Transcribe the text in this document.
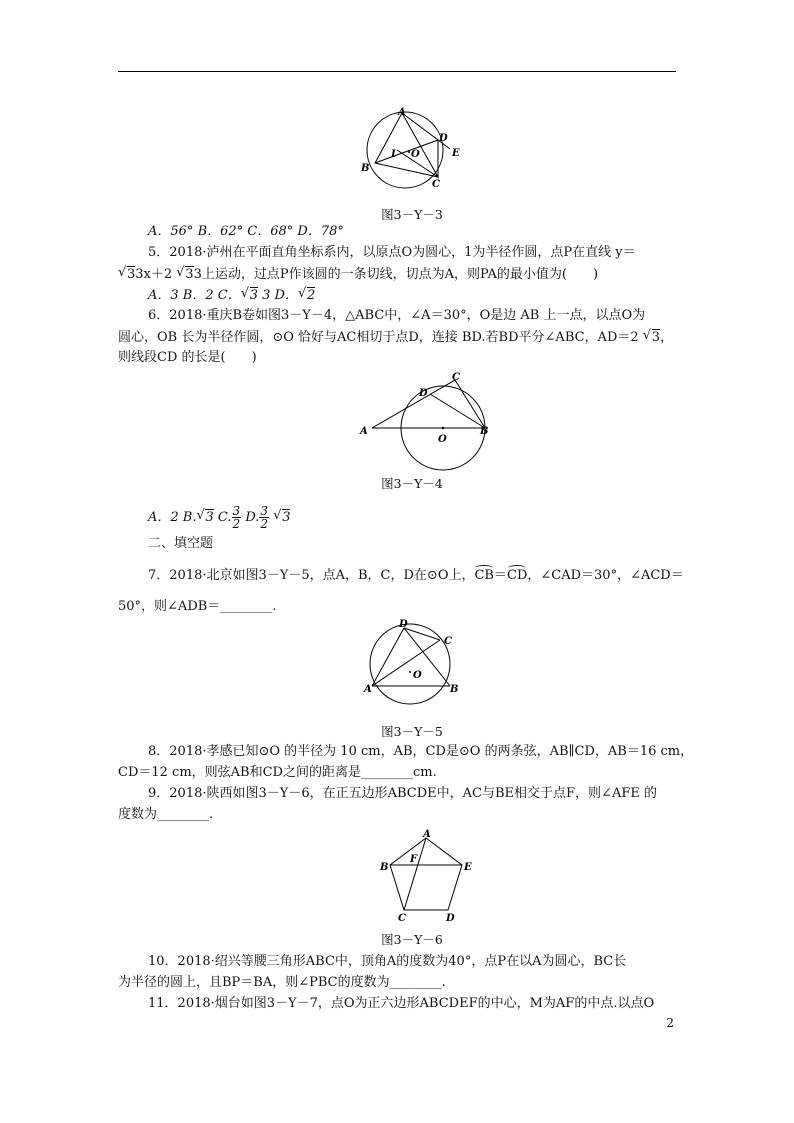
A
B
C
D
E
I O
图3－Y－3
A．56° B．62° C．68° D．78°
5．2018·泸州在平面直角坐标系内，以原点O为圆心，1为半径作圆，点P在直线 y＝
√ 33x＋2 √ 33上运动，过点P作该圆的一条切线，切点为A，则PA的最小值为(　　)
A．3 B．2 C． √ 3 3 D． √ 2
6．2018·重庆B卷如图3－Y－4，△ABC中，∠A＝30°，O是边 AB 上一点，以点O为
圆心，OB 长为半径作圆，⊙O 恰好与AC相切于点D，连接 BD.若BD平分∠ABC，AD＝2 √ 3，
则线段CD 的长是(　　)
A	B
C
D
O
图3－Y－4
A．2 B. √ 3 C. $\frac{3}{2} D$. $\frac{3}{2}$ √ 3
二、填空题
7．2018·北京如图3－Y－5，点A，B，C，D在⊙O上，CB＝CD，∠CAD＝30°，∠ACD＝
50°，则∠ADB＝________.
A	B
C
D
O
图3－Y－5
8．2018·孝感已知⊙O 的半径为 10 cm，AB，CD是⊙O 的两条弦，AB∥CD，AB＝16 cm，
CD＝12 cm，则弦AB和CD之间的距离是________cm.
9．2018·陕西如图3－Y－6，在正五边形ABCDE中，AC与BE相交于点F，则∠AFE 的
度数为________.
A
B
C	D
E
F
图3－Y－6
10．2018·绍兴等腰三角形ABC中，顶角A的度数为40°，点P在以A为圆心，BC长
为半径的圆上，且BP＝BA，则∠PBC的度数为________.
11．2018·烟台如图3－Y－7，点O为正六边形ABCDEF的中心，M为AF的中点.以点O
2
